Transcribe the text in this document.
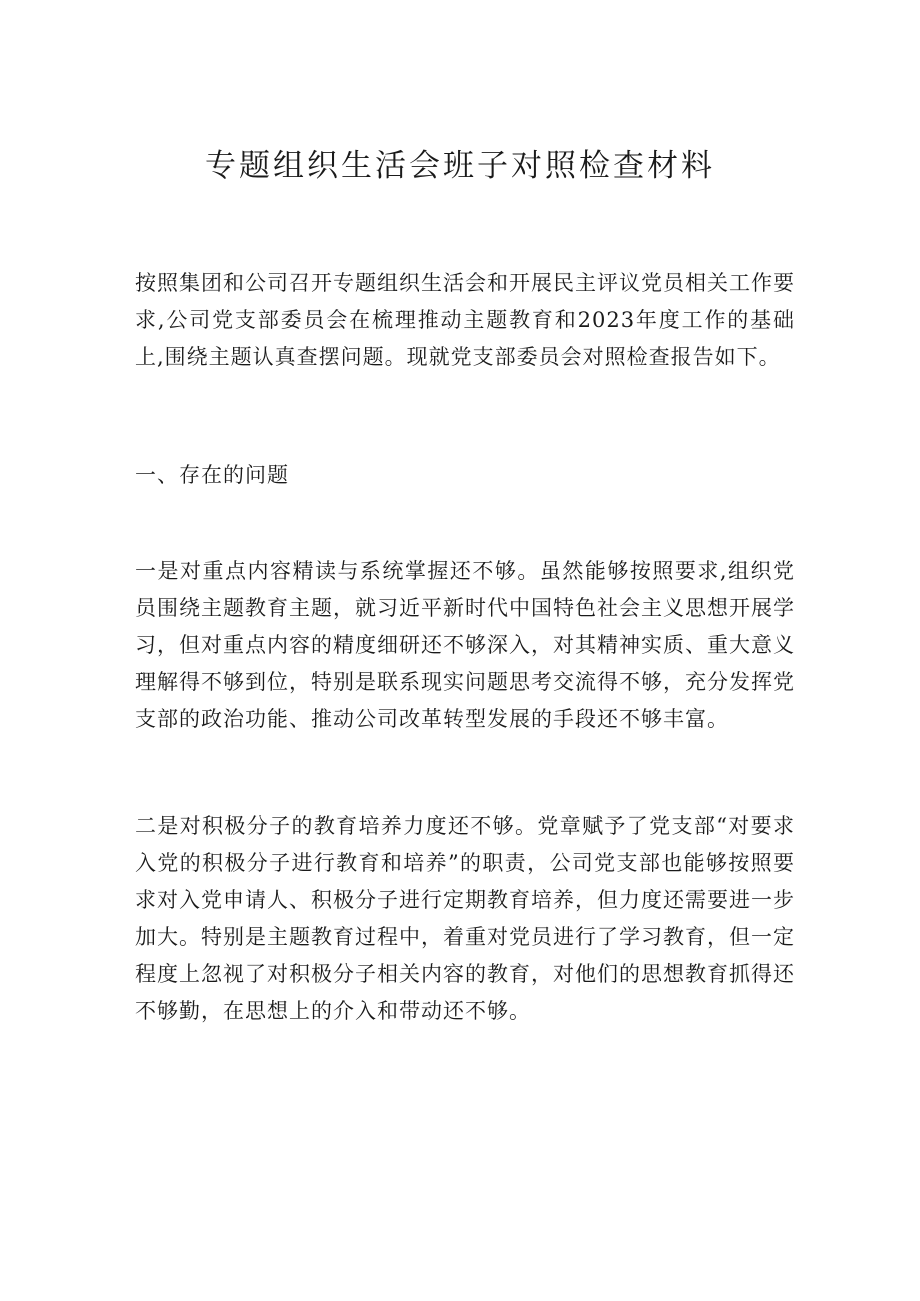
专题组织生活会班子对照检查材料

按照集团和公司召开专题组织生活会和开展民主评议党员相关工作要求,公司党支部委员会在梳理推动主题教育和2023年度工作的基础上,围绕主题认真查摆问题。现就党支部委员会对照检查报告如下。

一、存在的问题

一是对重点内容精读与系统掌握还不够。虽然能够按照要求,组织党员围绕主题教育主题，就习近平新时代中国特色社会主义思想开展学习，但对重点内容的精度细研还不够深入，对其精神实质、重大意义理解得不够到位，特别是联系现实问题思考交流得不够，充分发挥党支部的政治功能、推动公司改革转型发展的手段还不够丰富。

二是对积极分子的教育培养力度还不够。党章赋予了党支部“对要求入党的积极分子进行教育和培养”的职责，公司党支部也能够按照要求对入党申请人、积极分子进行定期教育培养，但力度还需要进一步加大。特别是主题教育过程中，着重对党员进行了学习教育，但一定程度上忽视了对积极分子相关内容的教育，对他们的思想教育抓得还不够勤，在思想上的介入和带动还不够。
